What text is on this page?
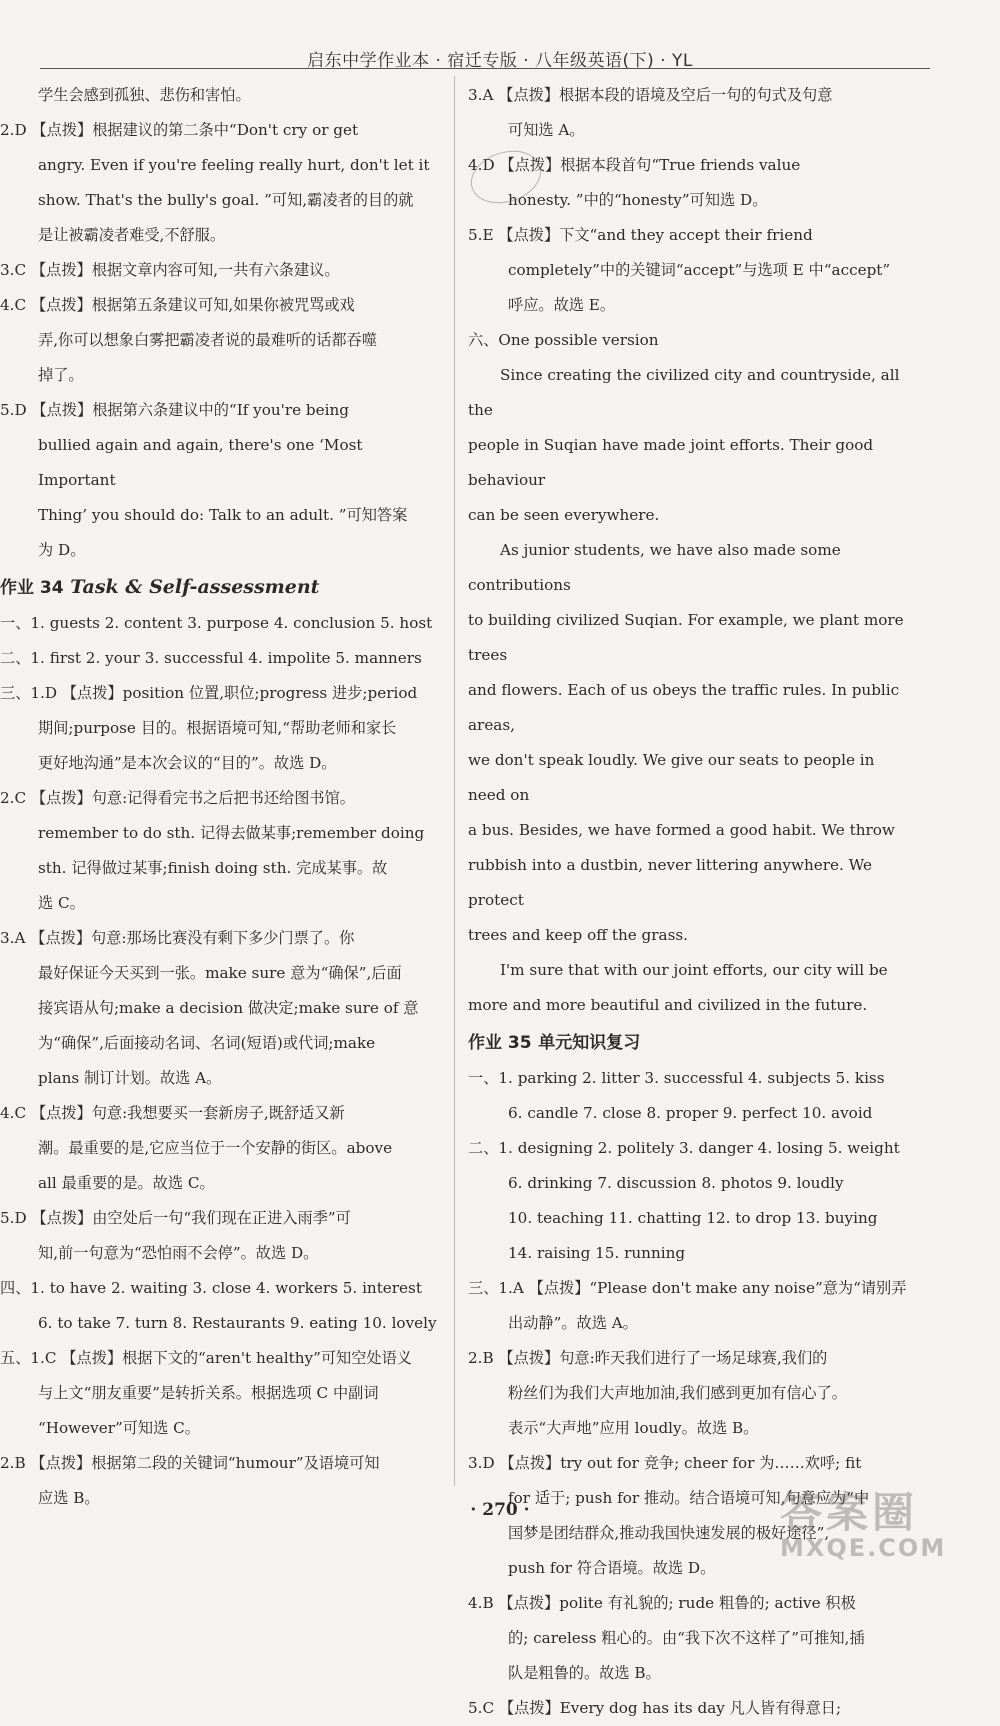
启东中学作业本 · 宿迁专版 · 八年级英语(下) · YL

学生会感到孤独、悲伤和害怕。

2.D 【点拨】根据建议的第二条中“Don't cry or get

angry. Even if you're feeling really hurt, don't let it

show. That's the bully's goal. ”可知,霸凌者的目的就

是让被霸凌者难受,不舒服。

3.C 【点拨】根据文章内容可知,一共有六条建议。

4.C 【点拨】根据第五条建议可知,如果你被咒骂或戏

弄,你可以想象白雾把霸凌者说的最难听的话都吞噬

掉了。

5.D 【点拨】根据第六条建议中的“If you're being

bullied again and again, there's one ‘Most Important

Thing’ you should do: Talk to an adult. ”可知答案

为 D。

作业 34 Task & Self-assessment

一、1. guests 2. content 3. purpose 4. conclusion 5. host

二、1. first 2. your 3. successful 4. impolite 5. manners

三、1.D 【点拨】position 位置,职位;progress 进步;period

期间;purpose 目的。根据语境可知,“帮助老师和家长

更好地沟通”是本次会议的“目的”。故选 D。

2.C 【点拨】句意:记得看完书之后把书还给图书馆。

remember to do sth. 记得去做某事;remember doing

sth. 记得做过某事;finish doing sth. 完成某事。故

选 C。

3.A 【点拨】句意:那场比赛没有剩下多少门票了。你

最好保证今天买到一张。make sure 意为“确保”,后面

接宾语从句;make a decision 做决定;make sure of 意

为“确保”,后面接动名词、名词(短语)或代词;make

plans 制订计划。故选 A。

4.C 【点拨】句意:我想要买一套新房子,既舒适又新

潮。最重要的是,它应当位于一个安静的街区。above

all 最重要的是。故选 C。

5.D 【点拨】由空处后一句“我们现在正进入雨季”可

知,前一句意为“恐怕雨不会停”。故选 D。

四、1. to have 2. waiting 3. close 4. workers 5. interest

6. to take 7. turn 8. Restaurants 9. eating 10. lovely

五、1.C 【点拨】根据下文的“aren't healthy”可知空处语义

与上文“朋友重要”是转折关系。根据选项 C 中副词

“However”可知选 C。

2.B 【点拨】根据第二段的关键词“humour”及语境可知

应选 B。

3.A 【点拨】根据本段的语境及空后一句的句式及句意

可知选 A。

4.D 【点拨】根据本段首句“True friends value

honesty. ”中的“honesty”可知选 D。

5.E 【点拨】下文“and they accept their friend

completely”中的关键词“accept”与选项 E 中“accept”

呼应。故选 E。

六、One possible version

Since creating the civilized city and countryside, all the

people in Suqian have made joint efforts. Their good behaviour

can be seen everywhere.

As junior students, we have also made some contributions

to building civilized Suqian. For example, we plant more trees

and flowers. Each of us obeys the traffic rules. In public areas,

we don't speak loudly. We give our seats to people in need on

a bus. Besides, we have formed a good habit. We throw

rubbish into a dustbin, never littering anywhere. We protect

trees and keep off the grass.

I'm sure that with our joint efforts, our city will be

more and more beautiful and civilized in the future.

作业 35 单元知识复习

一、1. parking 2. litter 3. successful 4. subjects 5. kiss

6. candle 7. close 8. proper 9. perfect 10. avoid

二、1. designing 2. politely 3. danger 4. losing 5. weight

6. drinking 7. discussion 8. photos 9. loudly

10. teaching 11. chatting 12. to drop 13. buying

14. raising 15. running

三、1.A 【点拨】“Please don't make any noise”意为“请别弄

出动静”。故选 A。

2.B 【点拨】句意:昨天我们进行了一场足球赛,我们的

粉丝们为我们大声地加油,我们感到更加有信心了。

表示“大声地”应用 loudly。故选 B。

3.D 【点拨】try out for 竞争; cheer for 为……欢呼; fit

for 适于; push for 推动。结合语境可知,句意应为“中

国梦是团结群众,推动我国快速发展的极好途径”,

push for 符合语境。故选 D。

4.B 【点拨】polite 有礼貌的; rude 粗鲁的; active 积极

的; careless 粗心的。由“我下次不这样了”可推知,插

队是粗鲁的。故选 B。

5.C 【点拨】Every dog has its day 凡人皆有得意日;

· 270 ·	答案圈
MXQE.COM
